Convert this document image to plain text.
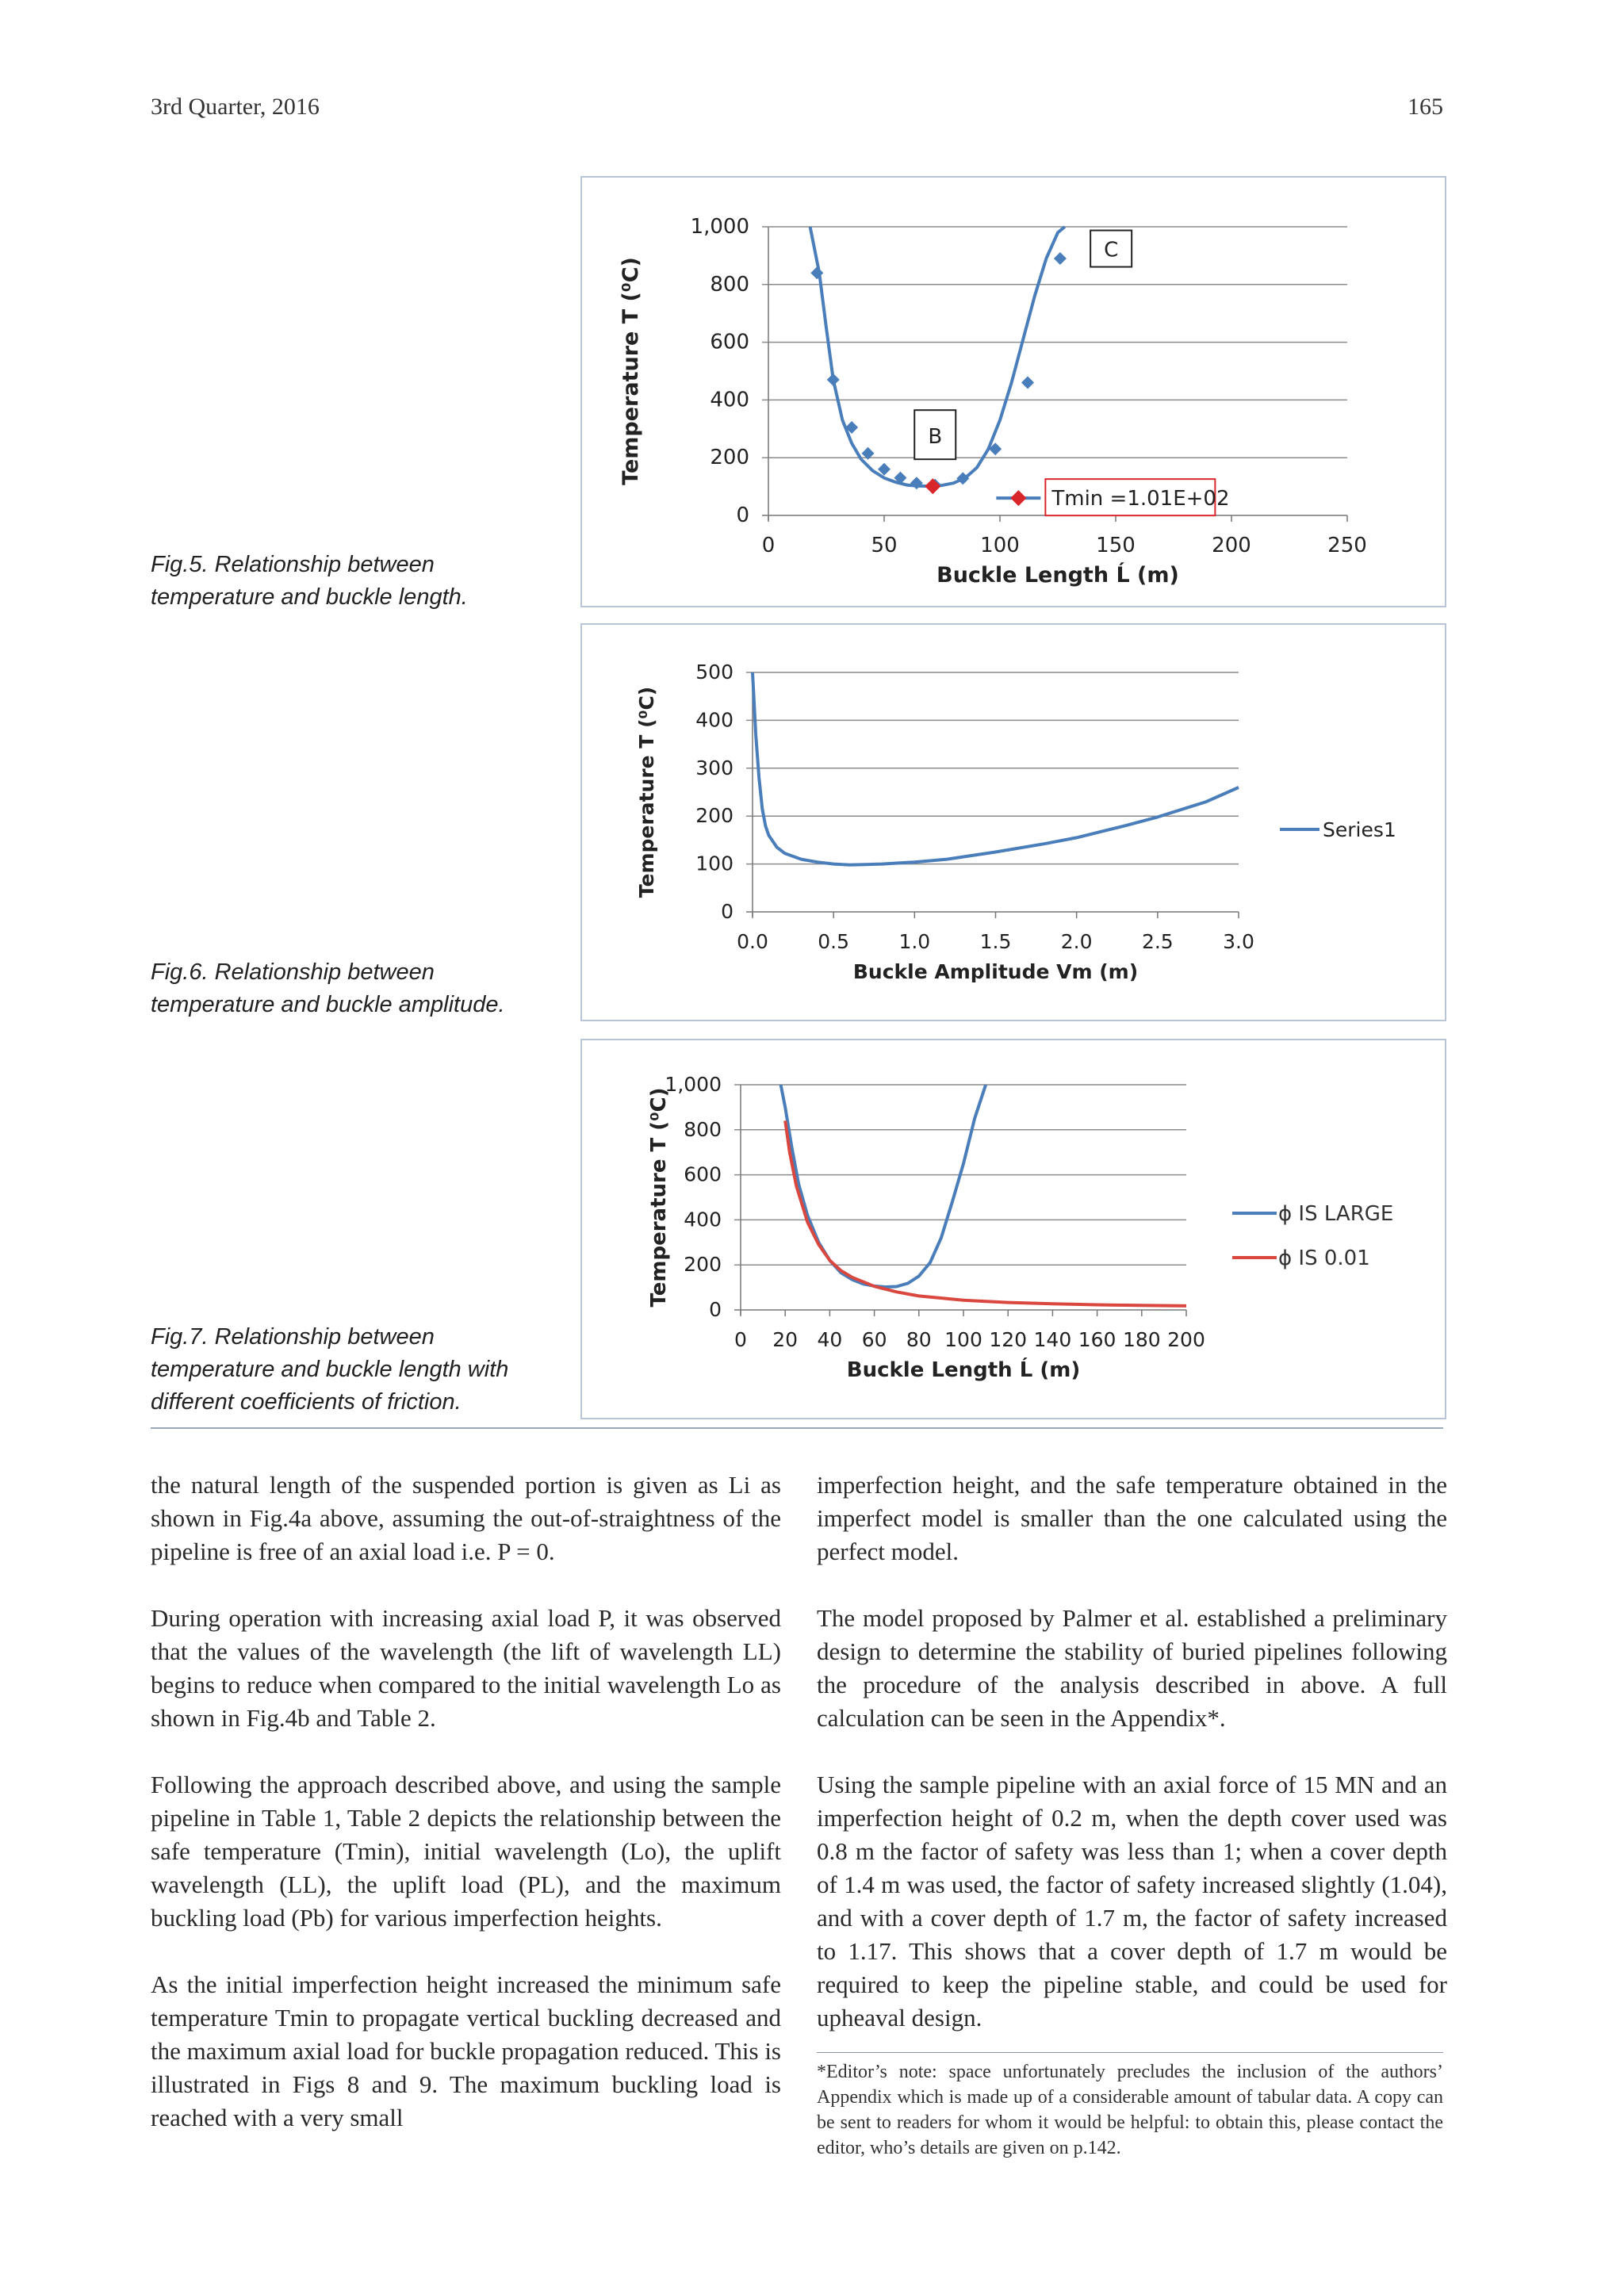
3rd Quarter, 2016	165
Fig.5. Relationship between
temperature and buckle length.
0
200
400
600
800
1,000
0	50	100	150	200	250
Buckle Length Ĺ (m)
Temperature T (⁰C)	B
C
Tmin =1.01E+02
Fig.6. Relationship between
temperature and buckle amplitude.
0
100
200
300
400
500
0.0 0.5 1.0 1.5 2.0 2.5 3.0
Buckle Amplitude Vm (m)
Temperature T (⁰C)	Series1
Fig.7. Relationship between
temperature and buckle length with
different coefficients of friction.
0
200
400
600
800
1,000
0 20 40 60 80 100 120 140 160 180 200
Buckle Length Ĺ (m)
Temperature T (⁰C)	ϕ IS LARGE
ϕ IS 0.01

the natural length of the suspended portion is given as Li as shown in Fig.4a above, assuming the out-of-straightness of the pipeline is free of an axial load i.e. P = 0.

During operation with increasing axial load P, it was observed that the values of the wavelength (the lift of wavelength LL) begins to reduce when compared to the initial wavelength Lo as shown in Fig.4b and Table 2.

Following the approach described above, and using the sample pipeline in Table 1, Table 2 depicts the relationship between the safe temperature (Tmin), initial wavelength (Lo), the uplift wavelength (LL), the uplift load (PL), and the maximum buckling load (Pb) for various imperfection heights.

As the initial imperfection height increased the minimum safe temperature Tmin to propagate vertical buckling decreased and the maximum axial load for buckle propagation reduced. This is illustrated in Figs 8 and 9. The maximum buckling load is reached with a very small

imperfection height, and the safe temperature obtained in the imperfect model is smaller than the one calculated using the perfect model.

The model proposed by Palmer et al. established a preliminary design to determine the stability of buried pipelines following the procedure of the analysis described in above. A full calculation can be seen in the Appendix*.

Using the sample pipeline with an axial force of 15 MN and an imperfection height of 0.2 m, when the depth cover used was 0.8 m the factor of safety was less than 1; when a cover depth of 1.4 m was used, the factor of safety increased slightly (1.04), and with a cover depth of 1.7 m, the factor of safety increased to 1.17. This shows that a cover depth of 1.7 m would be required to keep the pipeline stable, and could be used for upheaval design.

*Editor’s note: space unfortunately precludes the inclusion of the authors’ Appendix which is made up of a considerable amount of tabular data. A copy can be sent to readers for whom it would be helpful: to obtain this, please contact the editor, who’s details are given on p.142.
